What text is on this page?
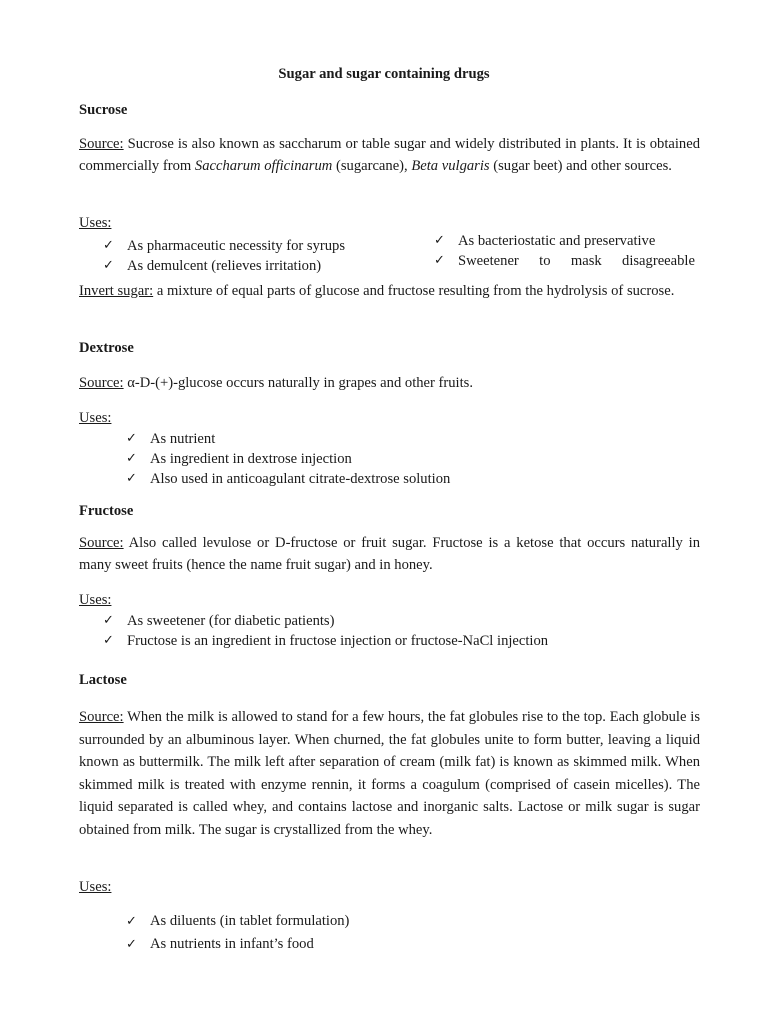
Sugar and sugar containing drugs
Sucrose
Source: Sucrose is also known as saccharum or table sugar and widely distributed in plants. It is obtained commercially from Saccharum officinarum (sugarcane), Beta vulgaris (sugar beet) and other sources.
Uses:
✓ As pharmaceutic necessity for syrups
✓ As demulcent (relieves irritation)
✓ As bacteriostatic and preservative
✓ Sweetener to mask disagreeable
Invert sugar: a mixture of equal parts of glucose and fructose resulting from the hydrolysis of sucrose.
Dextrose
Source: α-D-(+)-glucose occurs naturally in grapes and other fruits.
Uses:
✓ As nutrient
✓ As ingredient in dextrose injection
✓ Also used in anticoagulant citrate-dextrose solution
Fructose
Source: Also called levulose or D-fructose or fruit sugar. Fructose is a ketose that occurs naturally in many sweet fruits (hence the name fruit sugar) and in honey.
Uses:
✓ As sweetener (for diabetic patients)
✓ Fructose is an ingredient in fructose injection or fructose-NaCl injection
Lactose
Source: When the milk is allowed to stand for a few hours, the fat globules rise to the top. Each globule is surrounded by an albuminous layer. When churned, the fat globules unite to form butter, leaving a liquid known as buttermilk. The milk left after separation of cream (milk fat) is known as skimmed milk. When skimmed milk is treated with enzyme rennin, it forms a coagulum (comprised of casein micelles). The liquid separated is called whey, and contains lactose and inorganic salts. Lactose or milk sugar is sugar obtained from milk. The sugar is crystallized from the whey.
Uses:
✓ As diluents (in tablet formulation)
✓ As nutrients in infant’s food
